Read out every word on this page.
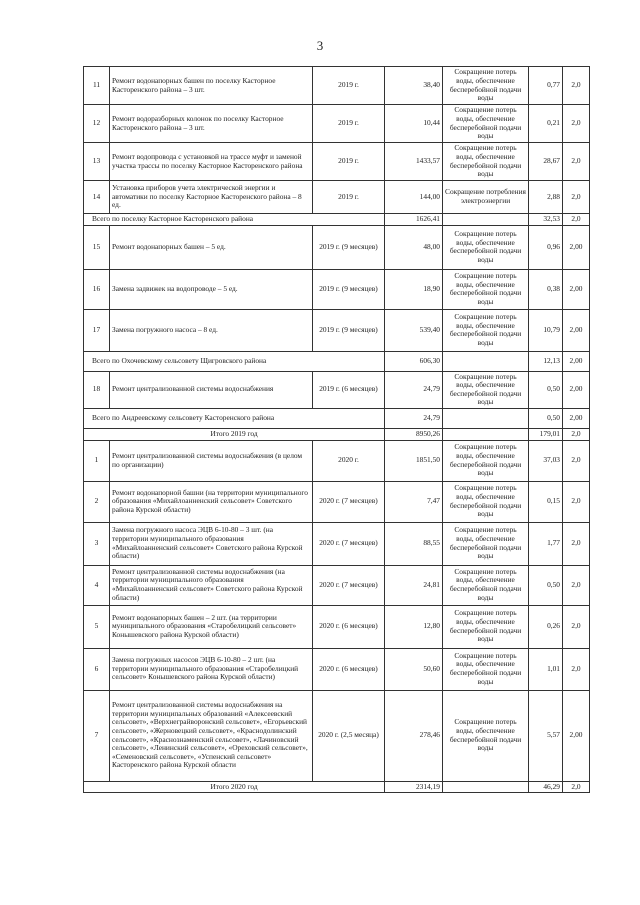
3
11	Ремонт водонапорных башен по поселку Касторное Касторенского района – 3 шт.	2019 г.	38,40	Сокращение потерь воды, обеспечение бесперебойной подачи воды	0,77	2,0
12	Ремонт водоразборных колонок по поселку Касторное Касторенского района – 3 шт.	2019 г.	10,44	Сокращение потерь воды, обеспечение бесперебойной подачи воды	0,21	2,0
13	Ремонт водопровода с установкой на трассе муфт и заменой участка трассы по поселку Касторное Касторенского района	2019 г.	1433,57	Сокращение потерь воды, обеспечение бесперебойной подачи воды	28,67	2,0
14	Установка приборов учета электрической энергии и автоматики по поселку Касторное Касторенского района – 8 ед.	2019 г.	144,00	Сокращение потребления электроэнергии	2,88	2,0
Всего по поселку Касторное Касторенского района			1626,41		32,53	2,0
15	Ремонт водонапорных башен – 5 ед.	2019 г. (9 месяцев)	48,00	Сокращение потерь воды, обеспечение бесперебойной подачи воды	0,96	2,00
16	Замена задвижек на водопроводе – 5 ед.	2019 г. (9 месяцев)	18,90	Сокращение потерь воды, обеспечение бесперебойной подачи воды	0,38	2,00
17	Замена погружного насоса – 8 ед.	2019 г. (9 месяцев)	539,40	Сокращение потерь воды, обеспечение бесперебойной подачи воды	10,79	2,00
Всего по Охочевскому сельсовету Щигровского района			606,30		12,13	2,00
18	Ремонт централизованной системы водоснабжения	2019 г. (6 месяцев)	24,79	Сокращение потерь воды, обеспечение бесперебойной подачи воды	0,50	2,00
Всего по Андреевскому сельсовету Касторенского района			24,79		0,50	2,00
Итого 2019 год			8950,26		179,01	2,0
1	Ремонт централизованной системы водоснабжения (в целом по организации)	2020 г.	1851,50	Сокращение потерь воды, обеспечение бесперебойной подачи воды	37,03	2,0
2	Ремонт водонапорной башни (на территории муниципального образования «Михайлоанненский сельсовет» Советского района Курской области)	2020 г. (7 месяцев)	7,47	Сокращение потерь воды, обеспечение бесперебойной подачи воды	0,15	2,0
3	Замена погружного насоса ЭЦВ 6-10-80 – 3 шт. (на территории муниципального образования «Михайлоанненский сельсовет» Советского района Курской области)	2020 г. (7 месяцев)	88,55	Сокращение потерь воды, обеспечение бесперебойной подачи воды	1,77	2,0
4	Ремонт централизованной системы водоснабжения (на территории муниципального образования «Михайлоанненский сельсовет» Советского района Курской области)	2020 г. (7 месяцев)	24,81	Сокращение потерь воды, обеспечение бесперебойной подачи воды	0,50	2,0
5	Ремонт водонапорных башен – 2 шт. (на территории муниципального образования «Старобелицкий сельсовет» Конышевского района Курской области)	2020 г. (6 месяцев)	12,80	Сокращение потерь воды, обеспечение бесперебойной подачи воды	0,26	2,0
6	Замена погружных насосов ЭЦВ 6-10-80 – 2 шт. (на территории муниципального образования «Старобелицкий сельсовет» Конышевского района Курской области)	2020 г. (6 месяцев)	50,60	Сокращение потерь воды, обеспечение бесперебойной подачи воды	1,01	2,0
7	Ремонт централизованной системы водоснабжения на территории муниципальных образований «Алексеевский сельсовет», «Верхнеграйворонский сельсовет», «Егорьевский сельсовет», «Жерновецкий сельсовет», «Краснодолинский сельсовет», «Краснознаменский сельсовет», «Лачиновский сельсовет», «Ленинский сельсовет», «Ореховский сельсовет», «Семеновский сельсовет», «Успенский сельсовет» Касторенского района Курской области	2020 г. (2,5 месяца)	278,46	Сокращение потерь воды, обеспечение бесперебойной подачи воды	5,57	2,00
Итого 2020 год			2314,19		46,29	2,0
